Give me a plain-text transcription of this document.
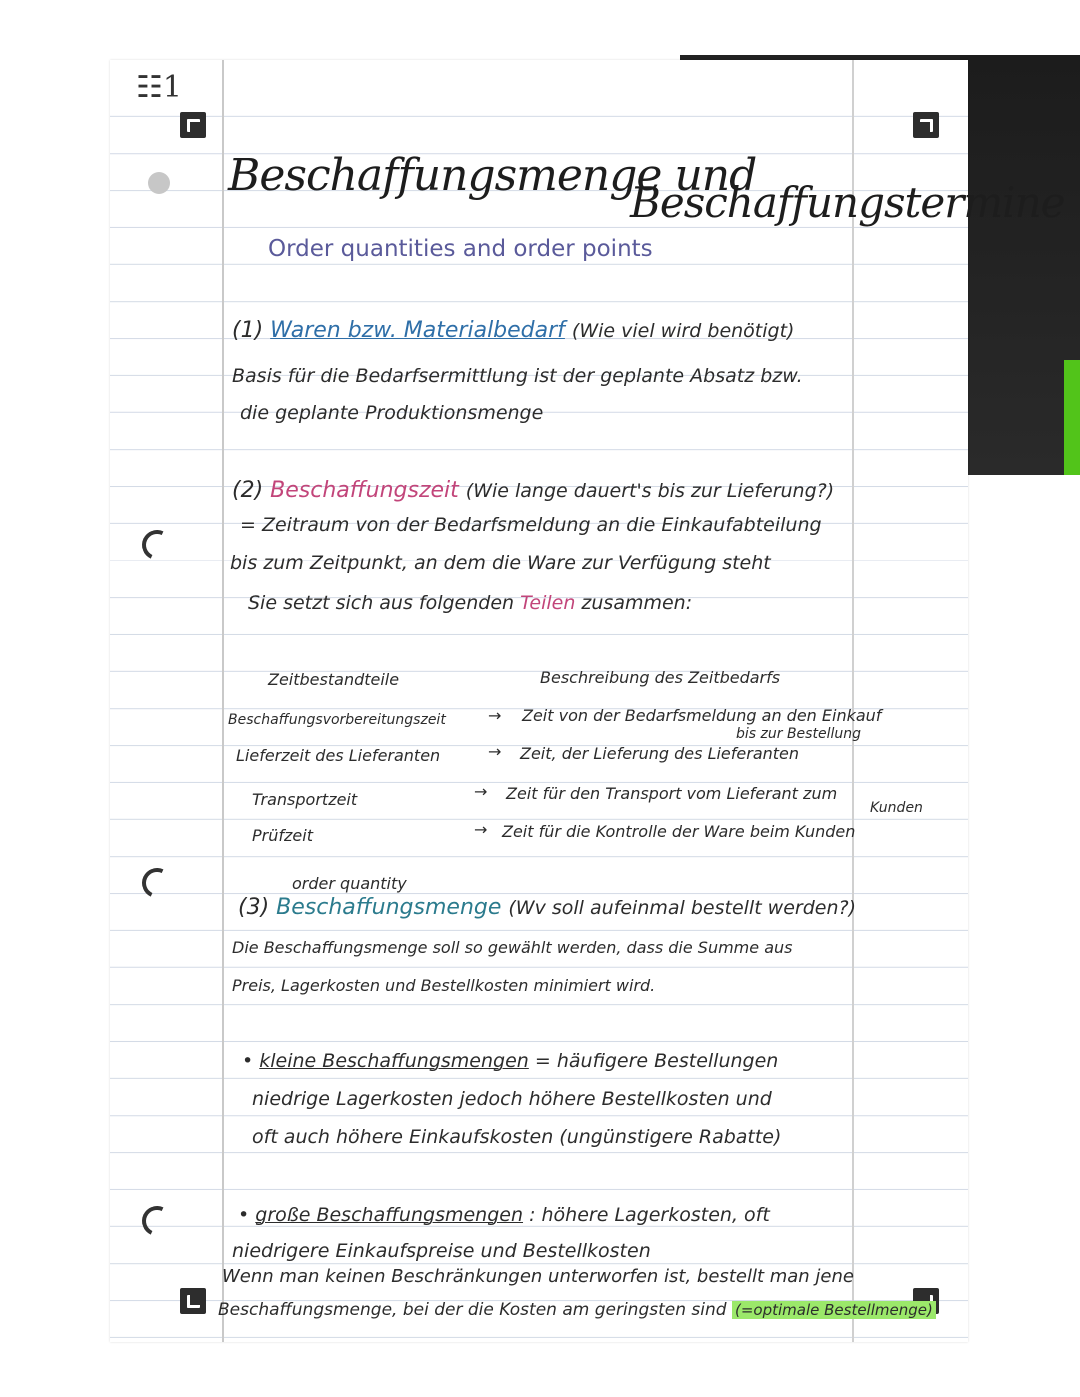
☷1
Beschaffungsmenge und
Beschaffungstermine
Order quantities and order points
(1) Waren bzw. Materialbedarf (Wie viel wird benötigt)
Basis für die Bedarfsermittlung ist der geplante Absatz bzw.
die geplante Produktionsmenge
(2) Beschaffungszeit (Wie lange dauert's bis zur Lieferung?)
= Zeitraum von der Bedarfsmeldung an die Einkaufabteilung
bis zum Zeitpunkt, an dem die Ware zur Verfügung steht
Sie setzt sich aus folgenden Teilen zusammen:
Zeitbestandteile	Beschreibung des Zeitbedarfs
Beschaffungsvorbereitungszeit	→ Zeit von der Bedarfsmeldung an den Einkauf
bis zur Bestellung
Lieferzeit des Lieferanten	→ Zeit, der Lieferung des Lieferanten
Transportzeit	→ Zeit für den Transport vom Lieferant zum
Kunden
Prüfzeit	→ Zeit für die Kontrolle der Ware beim Kunden
order quantity
(3) Beschaffungsmenge (Wv soll aufeinmal bestellt werden?)
Die Beschaffungsmenge soll so gewählt werden, dass die Summe aus
Preis, Lagerkosten und Bestellkosten minimiert wird.
• kleine Beschaffungsmengen = häufigere Bestellungen
niedrige Lagerkosten jedoch höhere Bestellkosten und
oft auch höhere Einkaufskosten (ungünstigere Rabatte)
• große Beschaffungsmengen : höhere Lagerkosten, oft
niedrigere Einkaufspreise und Bestellkosten
Wenn man keinen Beschränkungen unterworfen ist, bestellt man jene
Beschaffungsmenge, bei der die Kosten am geringsten sind (=optimale Bestellmenge)
